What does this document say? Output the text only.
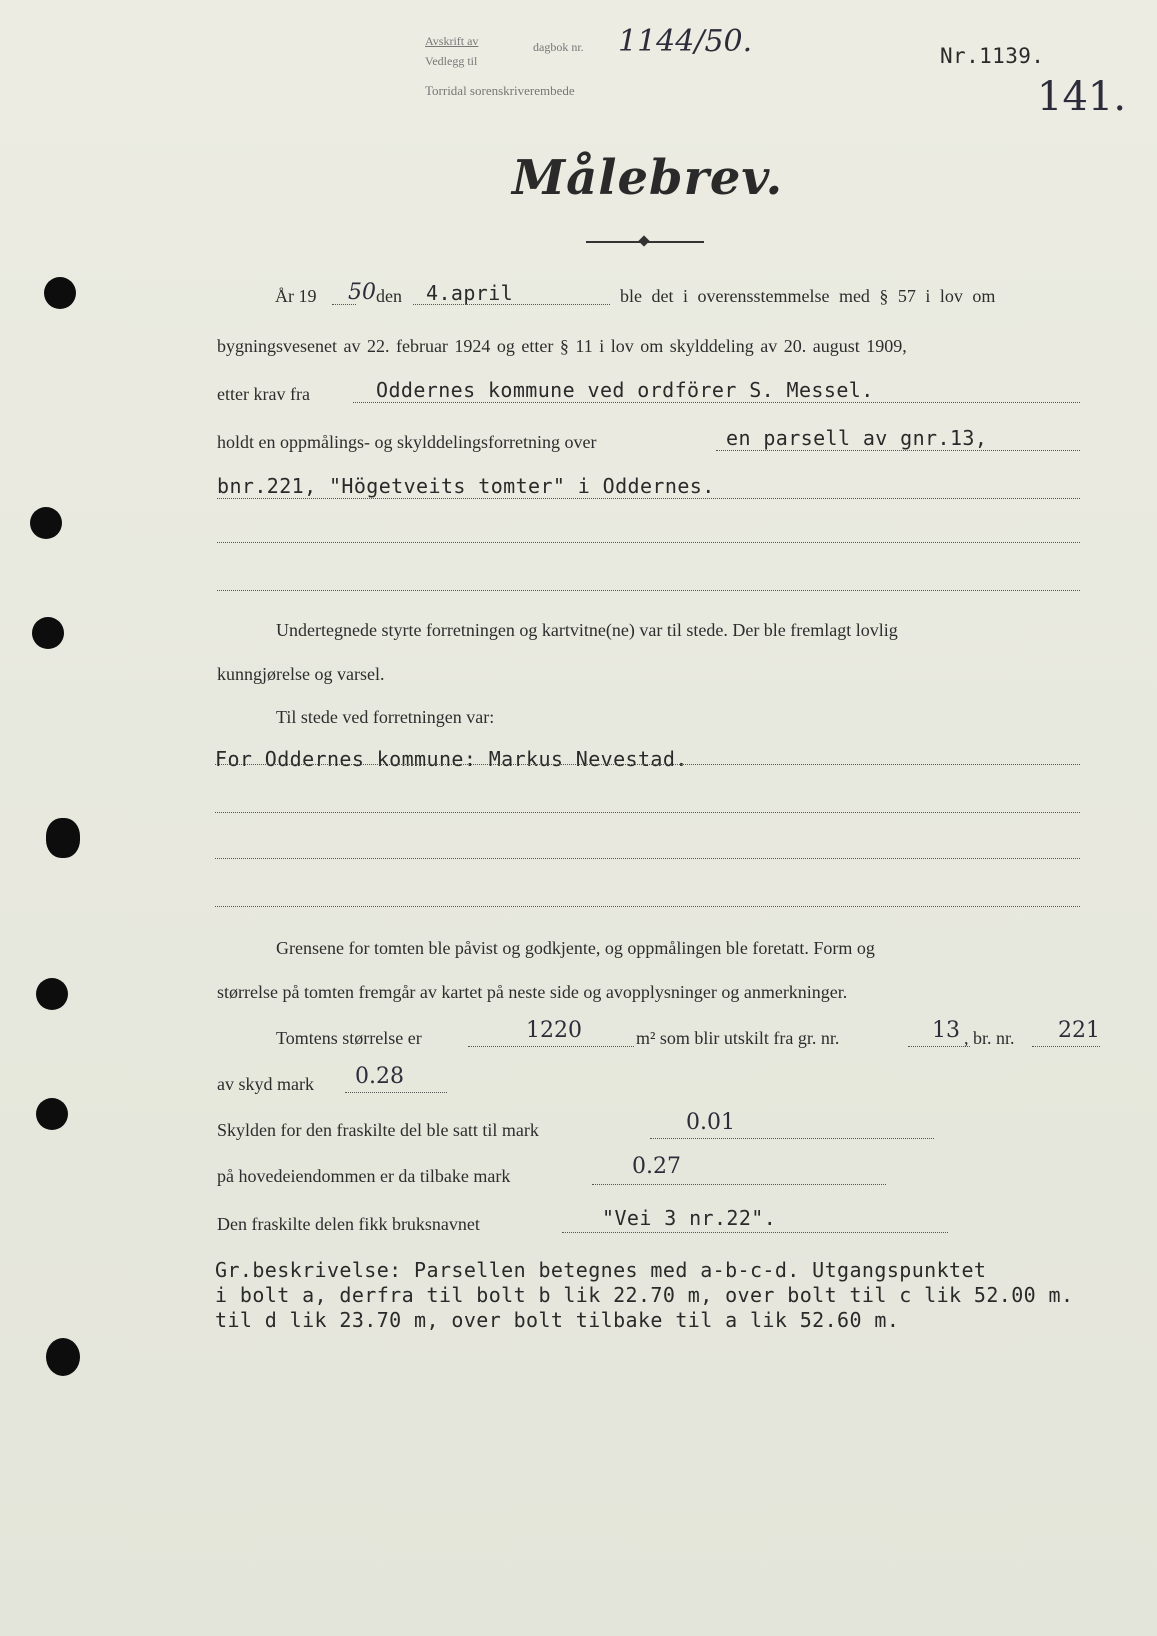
Avskrift av
Vedlegg til
Torridal sorenskriverembede
dagbok nr. 1144/50.	Nr.1139.
141.
Målebrev.
År 19 50 den 4.april	ble det i overensstemmelse med § 57 i lov om
bygningsvesenet av 22. februar 1924 og etter § 11 i lov om skylddeling av 20. august 1909,
etter krav fra	Oddernes kommune ved ordförer S. Messel.
holdt en oppmålings- og skylddelingsforretning over	en parsell av gnr.13,
bnr.221, "Högetveits tomter" i Oddernes.
Undertegnede styrte forretningen og kartvitne(ne) var til stede. Der ble fremlagt lovlig
kunngjørelse og varsel.
Til stede ved forretningen var:
For Oddernes kommune: Markus Nevestad.
Grensene for tomten ble påvist og godkjente, og oppmålingen ble foretatt. Form og
størrelse på tomten fremgår av kartet på neste side og avopplysninger og anmerkninger.
Tomtens størrelse er	1220	m² som blir utskilt fra gr. nr.	13 , br. nr. 221
av skyd mark 0.28
Skylden for den fraskilte del ble satt til mark	0.01
på hovedeiendommen er da tilbake mark	0.27
Den fraskilte delen fikk bruksnavnet	"Vei 3 nr.22".
Gr.beskrivelse: Parsellen betegnes med a-b-c-d. Utgangspunktet
i bolt a, derfra til bolt b lik 22.70 m, over bolt til c lik 52.00 m.
til d lik 23.70 m, over bolt tilbake til a lik 52.60 m.
